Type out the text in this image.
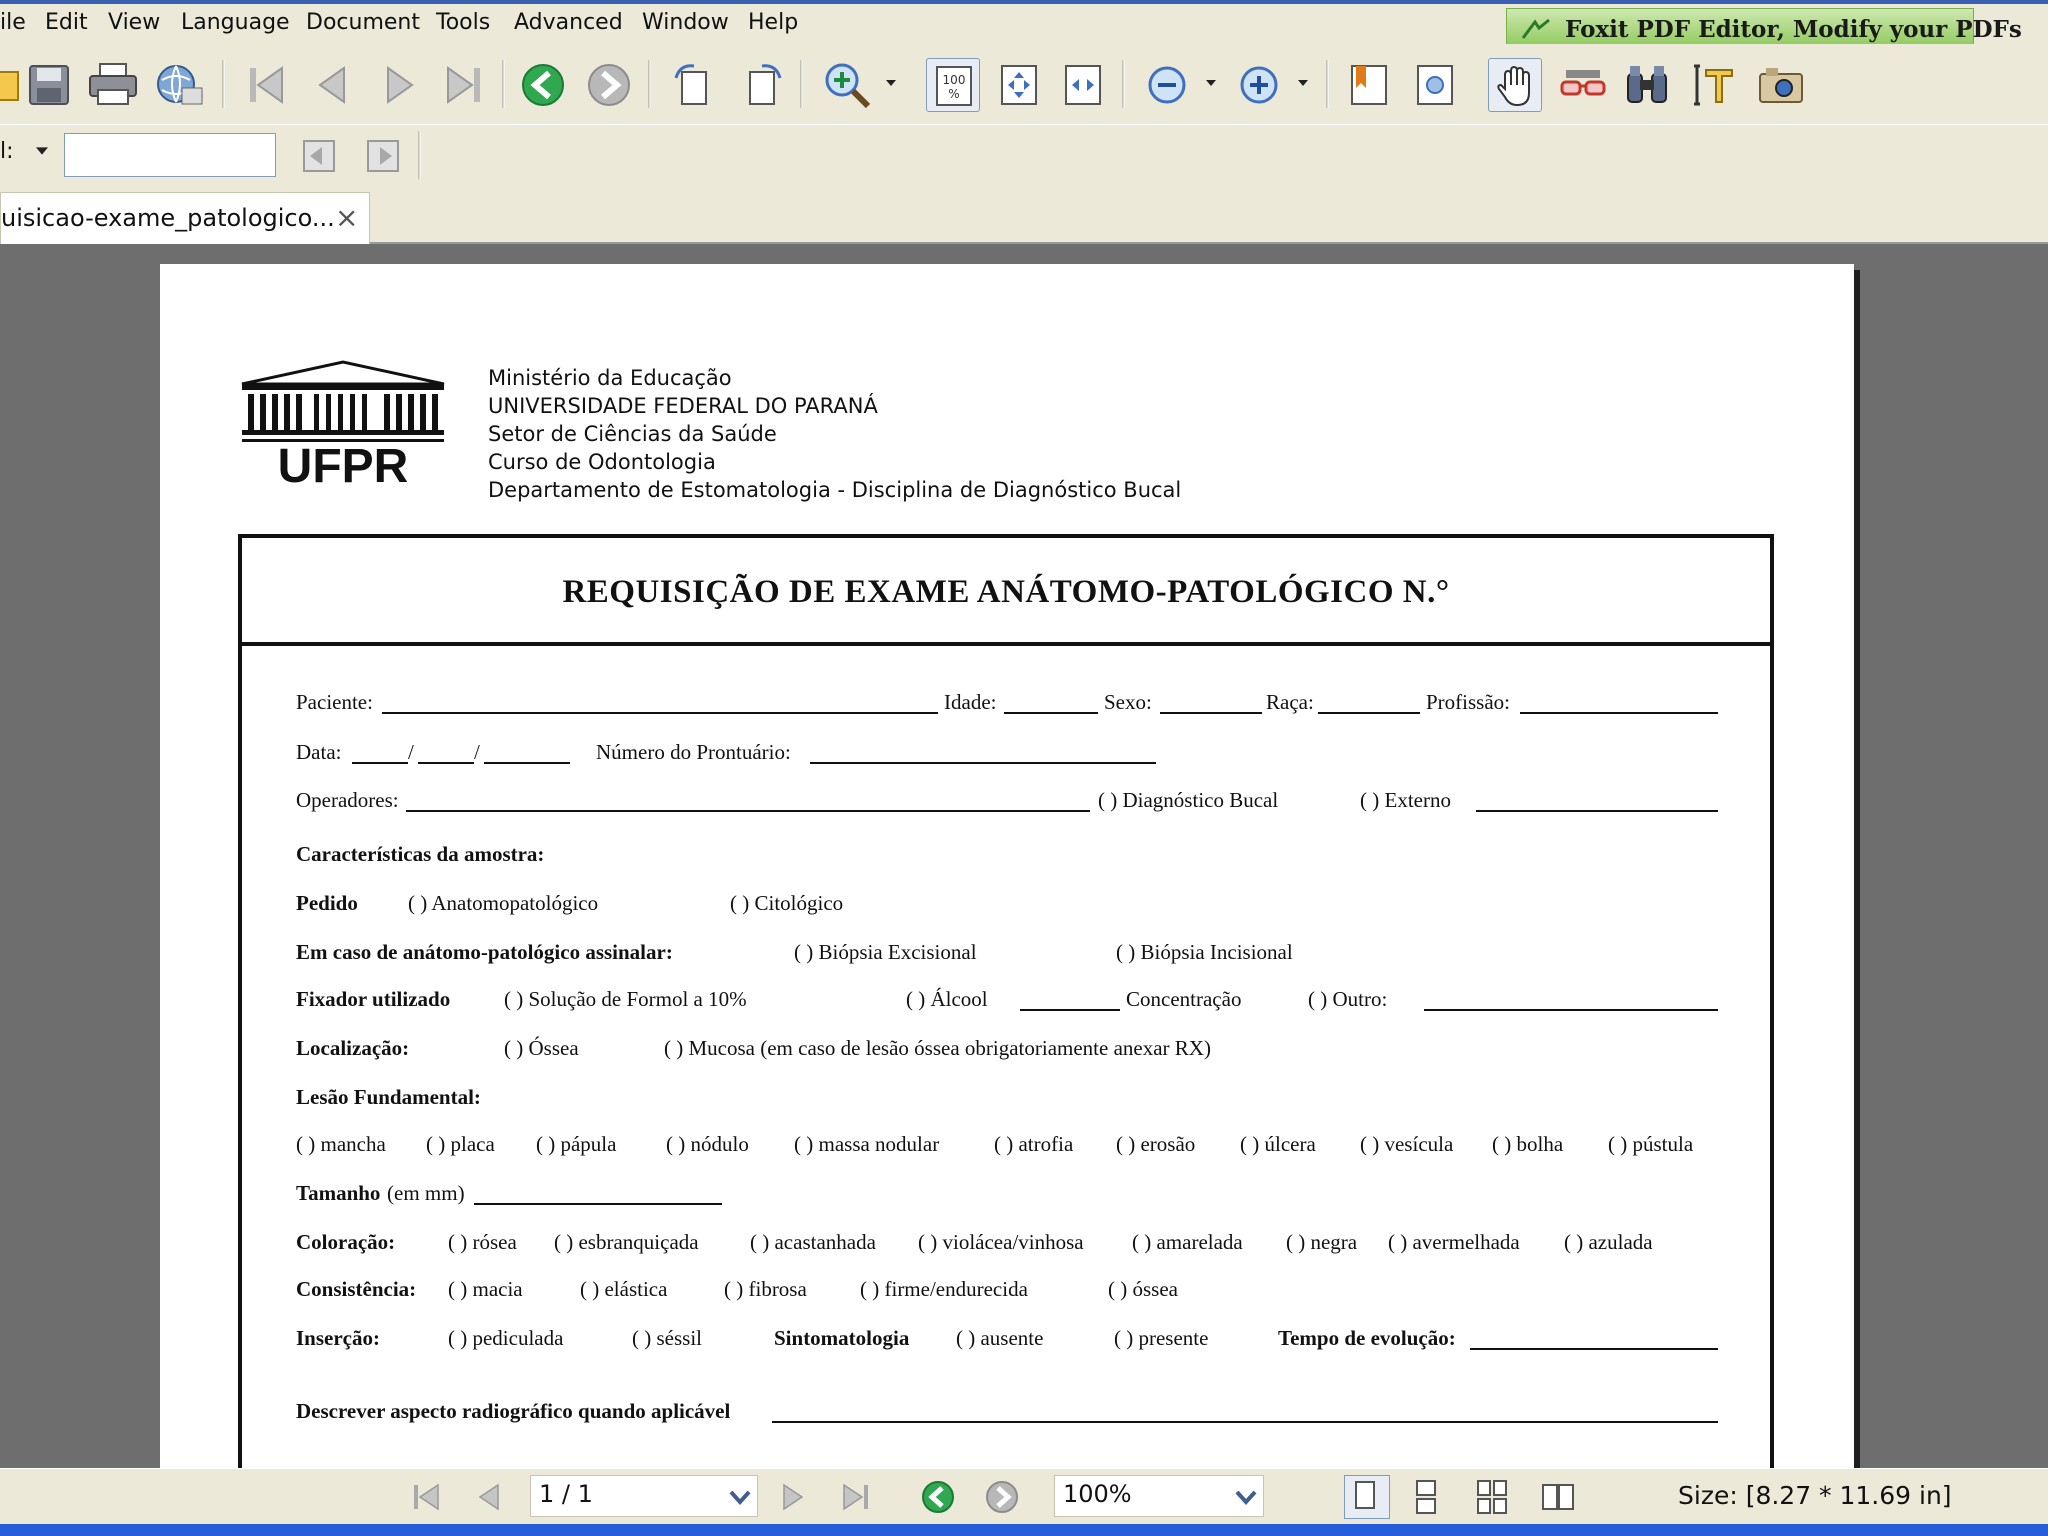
ile Edit View Language Document Tools Advanced Window Help	Foxit PDF Editor, Modify your PDFs
100
%
l:
uisicao-exame_patologico... ×
UFPR
Ministério da Educação
UNIVERSIDADE FEDERAL DO PARANÁ
Setor de Ciências da Saúde
Curso de Odontologia
Departamento de Estomatologia - Disciplina de Diagnóstico Bucal
REQUISIÇÃO DE EXAME ANÁTOMO-PATOLÓGICO N.°
Paciente:	Idade:	Sexo:	Raça:	Profissão:
Data:	/	/	Número do Prontuário:
Operadores:	( ) Diagnóstico Bucal	( ) Externo
Características da amostra:
Pedido ( ) Anatomopatológico	( ) Citológico
Em caso de anátomo-patológico assinalar:	( ) Biópsia Excisional	( ) Biópsia Incisional
Fixador utilizado	( ) Solução de Formol a 10%	( ) Álcool	Concentração	( ) Outro:
Localização:	( ) Óssea	( ) Mucosa (em caso de lesão óssea obrigatoriamente anexar RX)
Lesão Fundamental:
( ) mancha ( ) placa ( ) pápula ( ) nódulo ( ) massa nodular	( ) atrofia ( ) erosão ( ) úlcera ( ) vesícula ( ) bolha ( ) pústula
Tamanho (em mm)
Coloração:	( ) rósea ( ) esbranquiçada ( ) acastanhada ( ) violácea/vinhosa ( ) amarelada ( ) negra ( ) avermelhada ( ) azulada
Consistência: ( ) macia	( ) elástica	( ) fibrosa	( ) firme/endurecida	( ) óssea
Inserção:	( ) pediculada	( ) séssil	Sintomatologia ( ) ausente	( ) presente	Tempo de evolução:
Descrever aspecto radiográfico quando aplicável
1 / 1	100%	Size: [8.27 * 11.69 in]
